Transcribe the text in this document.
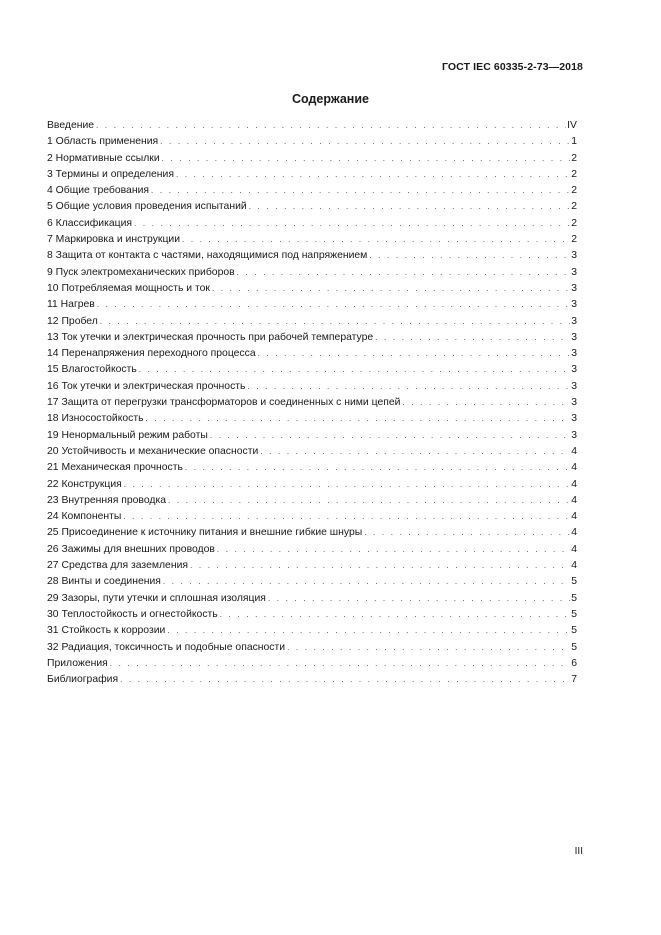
ГОСТ IEC 60335-2-73—2018
Содержание
Введение . . .	IV
1 Область применения . . .	1
2 Нормативные ссылки . . .	2
3 Термины и определения . . .	2
4 Общие требования . . .	2
5 Общие условия проведения испытаний . . .	2
6 Классификация . . .	2
7 Маркировка и инструкции . . .	2
8 Защита от контакта с частями, находящимися под напряжением . . .	3
9 Пуск электромеханических приборов . . .	3
10 Потребляемая мощность и ток . . .	3
11 Нагрев . . .	3
12 Пробел . . .	3
13 Ток утечки и электрическая прочность при рабочей температуре . . .	3
14 Перенапряжения переходного процесса . . .	3
15 Влагостойкость . . .	3
16 Ток утечки и электрическая прочность . . .	3
17 Защита от перегрузки трансформаторов и соединенных с ними цепей . . .	3
18 Износостойкость . . .	3
19 Ненормальный режим работы . . .	3
20 Устойчивость и механические опасности . . .	4
21 Механическая прочность . . .	4
22 Конструкция . . .	4
23 Внутренняя проводка . . .	4
24 Компоненты . . .	4
25 Присоединение к источнику питания и внешние гибкие шнуры . . .	4
26 Зажимы для внешних проводов . . .	4
27 Средства для заземления . . .	4
28 Винты и соединения . . .	5
29 Зазоры, пути утечки и сплошная изоляция . . .	5
30 Теплостойкость и огнестойкость . . .	5
31 Стойкость к коррозии . . .	5
32 Радиация, токсичность и подобные опасности . . .	5
Приложения . . .	6
Библиография . . .	7
III
